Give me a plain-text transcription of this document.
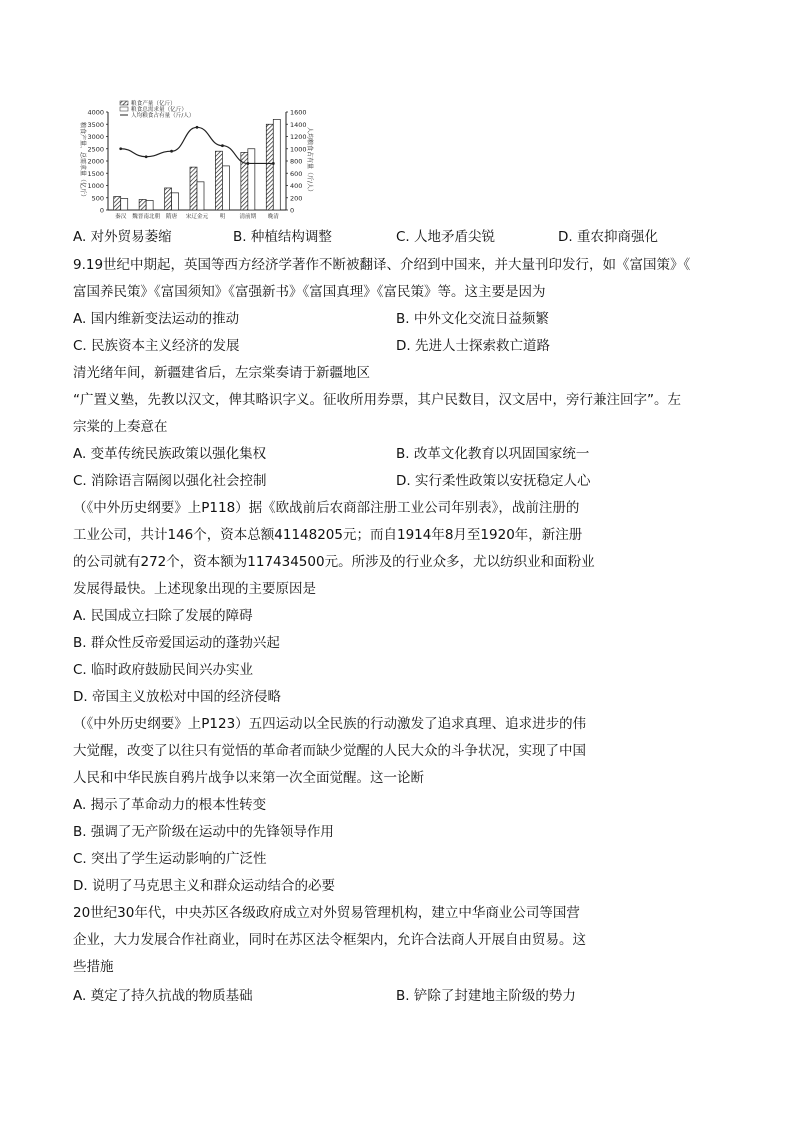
0
500
1000
1500
2000
2500
3000
3500
4000
0
200
400
600
800
1000
1200
1400
1600
粮食产量、总需求量（亿斤）	人均粮食占有量（斤/人）
秦汉 魏晋南北朝 隋唐 宋辽金元 明	清前期 晚清
粮食产量（亿斤）
粮食总需求量（亿斤）
人均粮食占有量（斤/人）
A. 对外贸易萎缩	B. 种植结构调整	C. 人地矛盾尖锐	D. 重农抑商强化
9.19世纪中期起，英国等西方经济学著作不断被翻译、介绍到中国来，并大量刊印发行，如《富国策》《
富国养民策》《富国须知》《富强新书》《富国真理》《富民策》等。这主要是因为
A. 国内维新变法运动的推动	B. 中外文化交流日益频繁
C. 民族资本主义经济的发展	D. 先进人士探索救亡道路
清光绪年间，新疆建省后，左宗棠奏请于新疆地区
“广置义塾，先教以汉文，俾其略识字义。征收所用券票，其户民数目，汉文居中，旁行兼注回字”。左
宗棠的上奏意在
A. 变革传统民族政策以强化集权	B. 改革文化教育以巩固国家统一
C. 消除语言隔阂以强化社会控制	D. 实行柔性政策以安抚稳定人心
（《中外历史纲要》上P118）据《欧战前后农商部注册工业公司年别表》，战前注册的
工业公司，共计146个，资本总额41148205元；而自1914年8月至1920年，新注册
的公司就有272个，资本额为117434500元。所涉及的行业众多，尤以纺织业和面粉业
发展得最快。上述现象出现的主要原因是
A. 民国成立扫除了发展的障碍
B. 群众性反帝爱国运动的蓬勃兴起
C. 临时政府鼓励民间兴办实业
D. 帝国主义放松对中国的经济侵略
（《中外历史纲要》上P123）五四运动以全民族的行动激发了追求真理、追求进步的伟
大觉醒，改变了以往只有觉悟的革命者而缺少觉醒的人民大众的斗争状况，实现了中国
人民和中华民族自鸦片战争以来第一次全面觉醒。这一论断
A. 揭示了革命动力的根本性转变
B. 强调了无产阶级在运动中的先锋领导作用
C. 突出了学生运动影响的广泛性
D. 说明了马克思主义和群众运动结合的必要
20世纪30年代，中央苏区各级政府成立对外贸易管理机构，建立中华商业公司等国营
企业，大力发展合作社商业，同时在苏区法令框架内，允许合法商人开展自由贸易。这
些措施
A. 奠定了持久抗战的物质基础	B. 铲除了封建地主阶级的势力
